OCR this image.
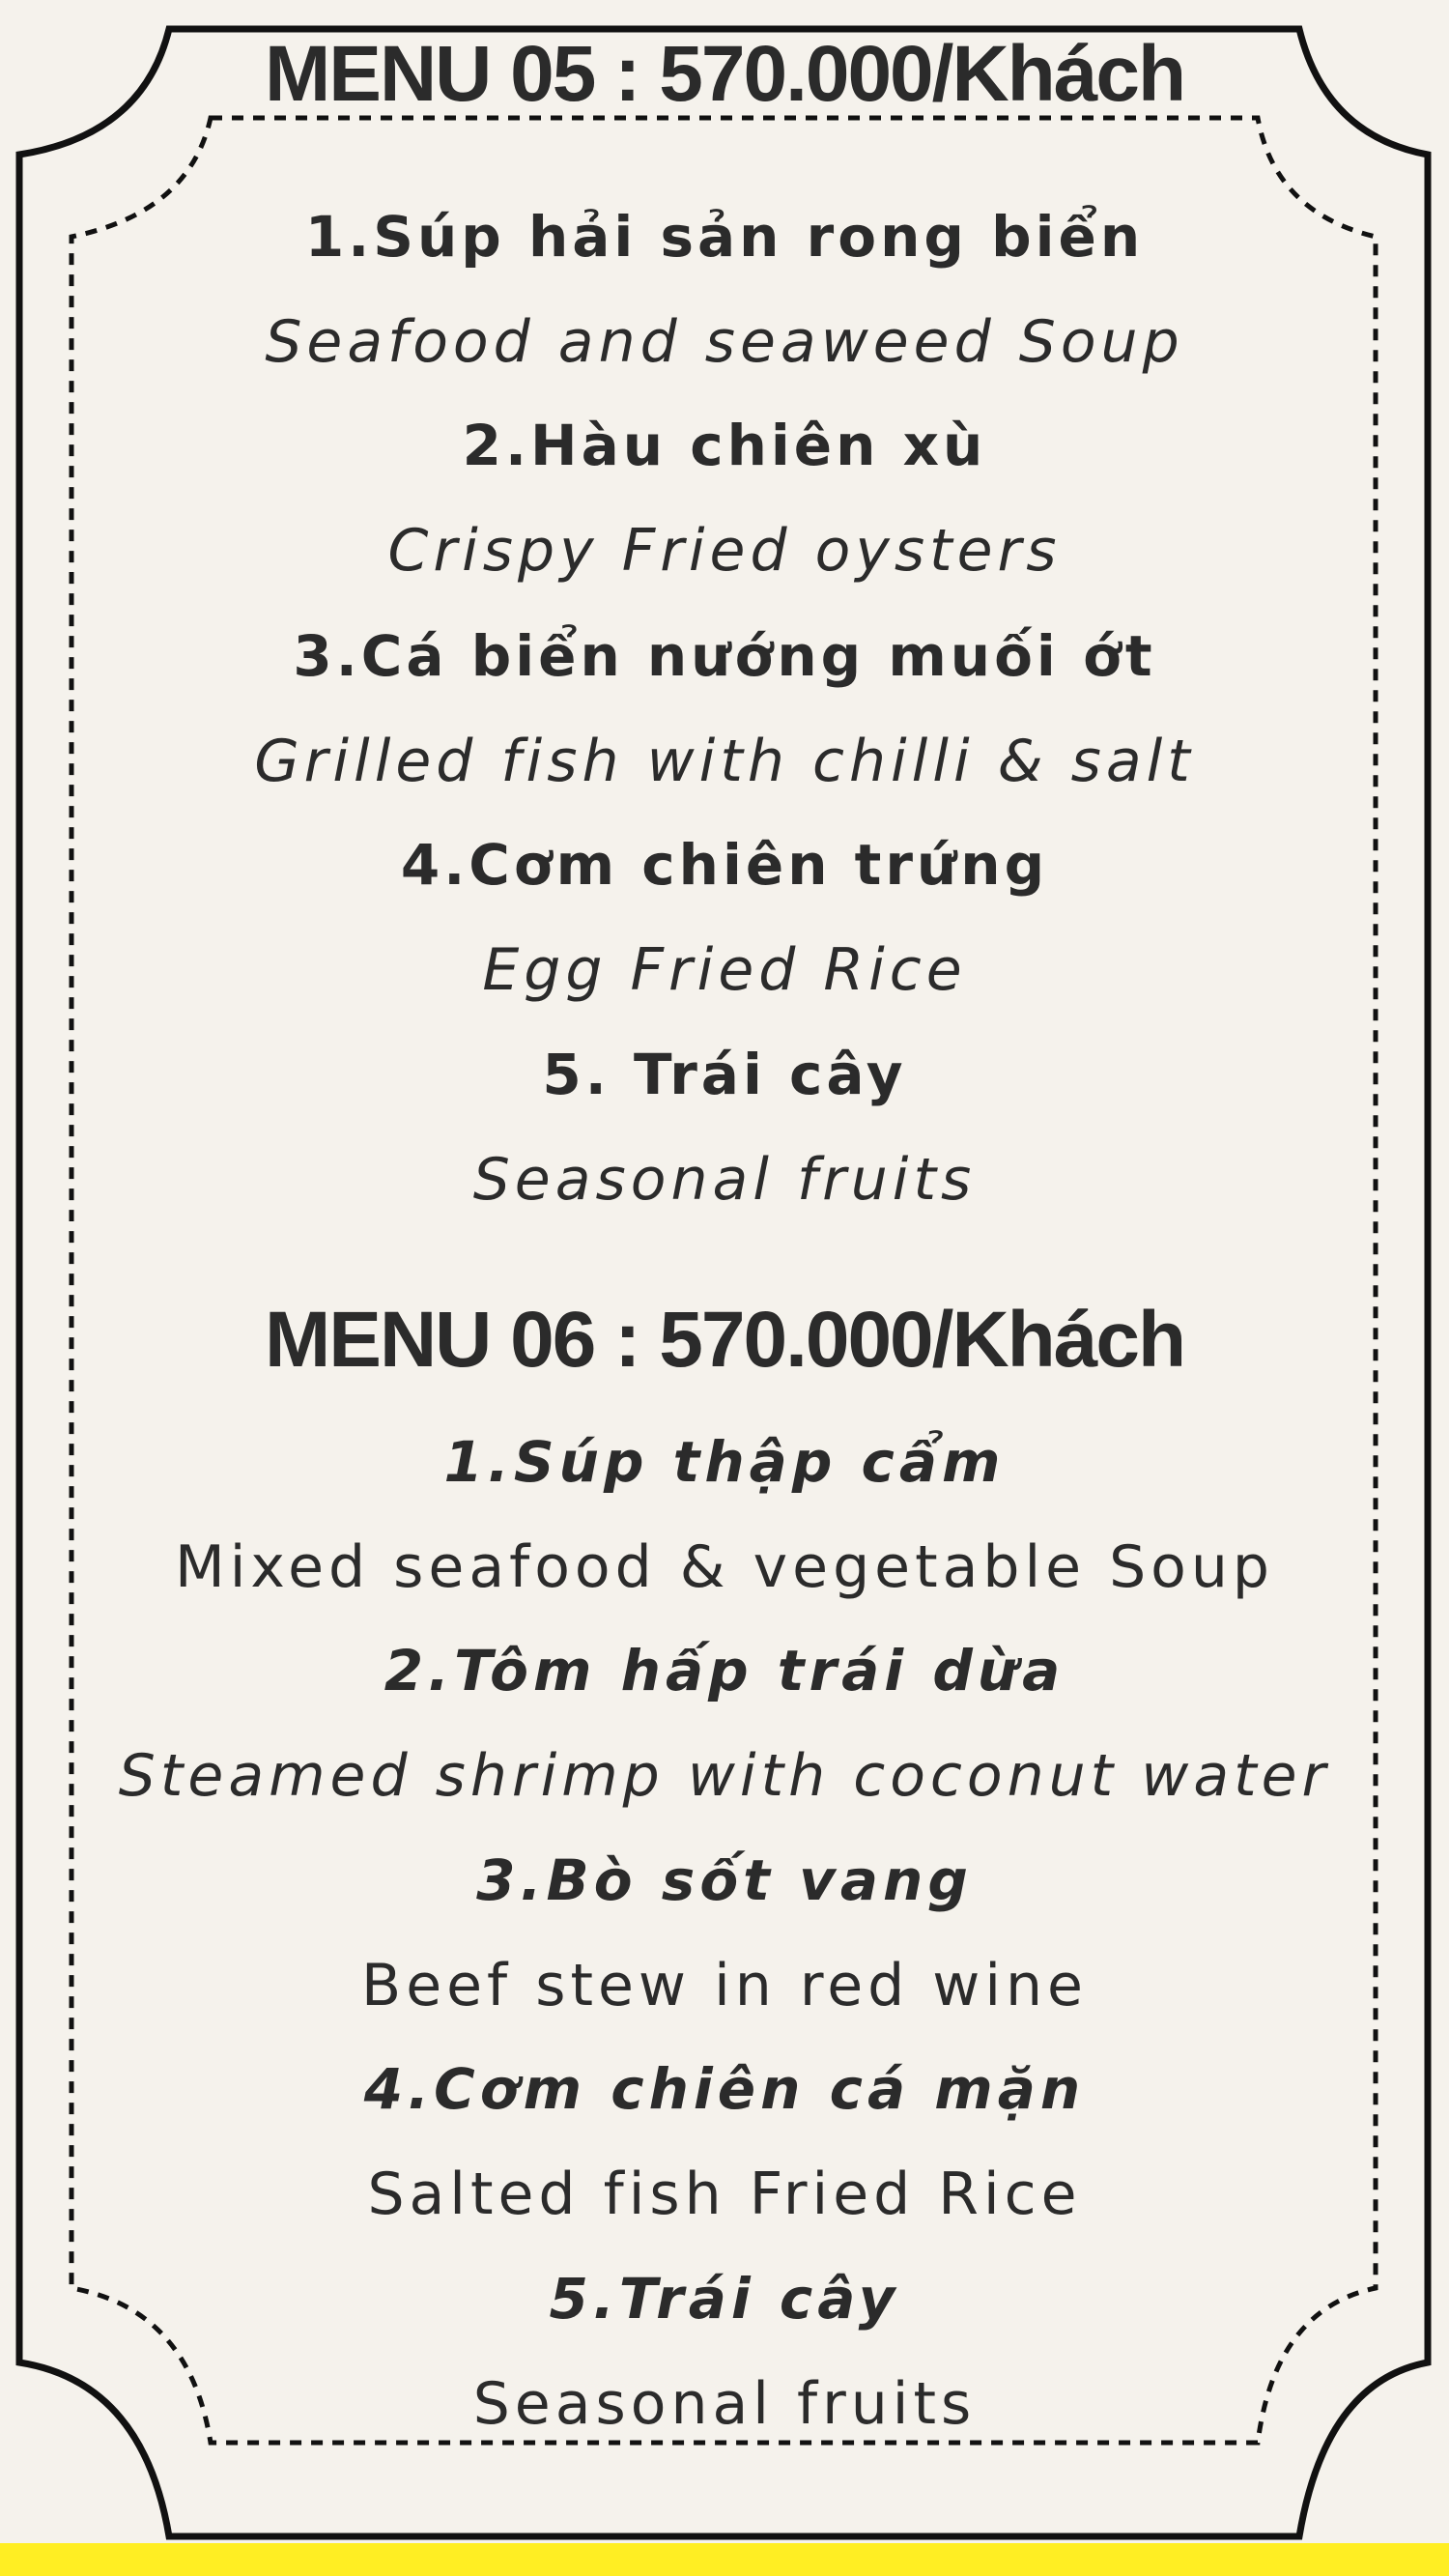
MENU 05 : 570.000/Khách
1.Súp hải sản rong biển
Seafood and seaweed Soup
2.Hàu chiên xù
Crispy Fried oysters
3.Cá biển nướng muối ớt
Grilled fish with chilli & salt
4.Cơm chiên trứng
Egg Fried Rice
5. Trái cây
Seasonal fruits
MENU 06 : 570.000/Khách
1.Súp thập cẩm
Mixed seafood & vegetable Soup
2.Tôm hấp trái dừa
Steamed shrimp with coconut water
3.Bò sốt vang
Beef stew in red wine
4.Cơm chiên cá mặn
Salted fish Fried Rice
5.Trái cây
Seasonal fruits
